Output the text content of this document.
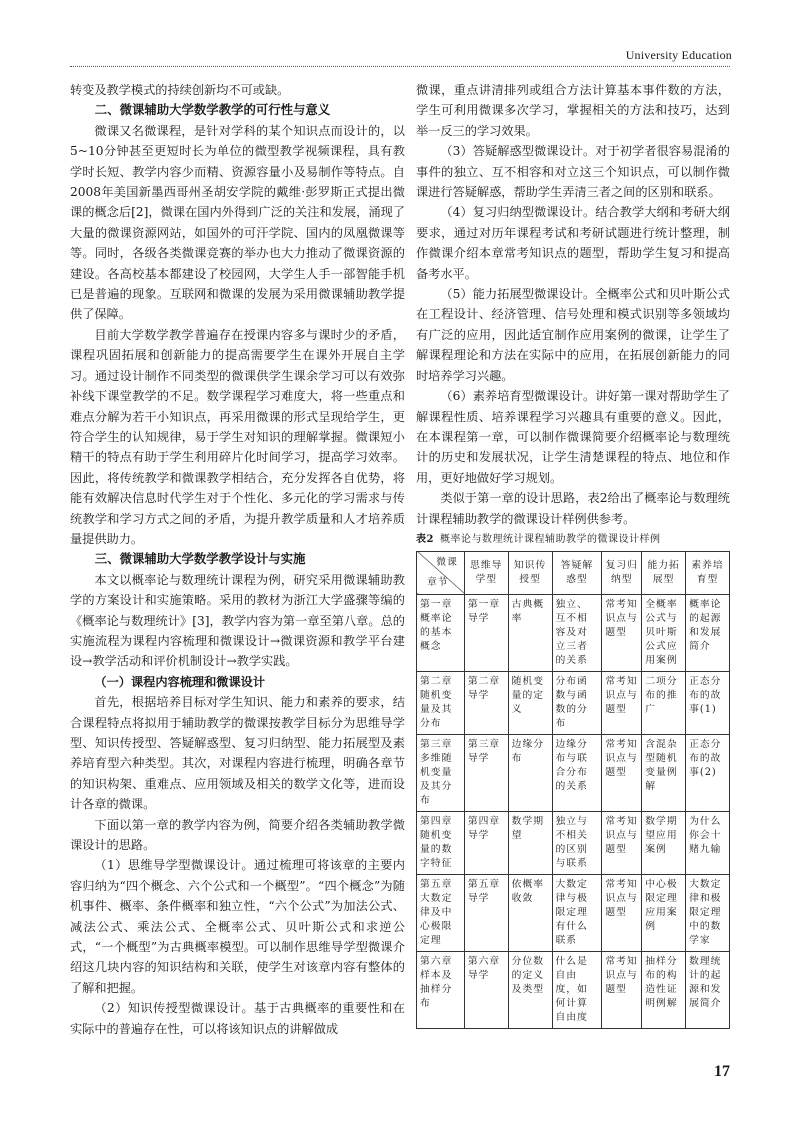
University Education

转变及教学模式的持续创新均不可或缺。

二、微课辅助大学数学教学的可行性与意义

微课又名微课程，是针对学科的某个知识点而设计的，以5~10分钟甚至更短时长为单位的微型教学视频课程，具有教学时长短、教学内容少而精、资源容量小及易制作等特点。自2008年美国新墨西哥州圣胡安学院的戴维·彭罗斯正式提出微课的概念后[2]，微课在国内外得到广泛的关注和发展，涌现了大量的微课资源网站，如国外的可汗学院、国内的凤凰微课等等。同时，各级各类微课竞赛的举办也大力推动了微课资源的建设。各高校基本都建设了校园网，大学生人手一部智能手机已是普遍的现象。互联网和微课的发展为采用微课辅助教学提供了保障。

目前大学数学教学普遍存在授课内容多与课时少的矛盾，课程巩固拓展和创新能力的提高需要学生在课外开展自主学习。通过设计制作不同类型的微课供学生课余学习可以有效弥补线下课堂教学的不足。数学课程学习难度大，将一些重点和难点分解为若干小知识点，再采用微课的形式呈现给学生，更符合学生的认知规律，易于学生对知识的理解掌握。微课短小精干的特点有助于学生利用碎片化时间学习，提高学习效率。因此，将传统教学和微课教学相结合，充分发挥各自优势，将能有效解决信息时代学生对于个性化、多元化的学习需求与传统教学和学习方式之间的矛盾，为提升教学质量和人才培养质量提供助力。

三、微课辅助大学数学教学设计与实施

本文以概率论与数理统计课程为例，研究采用微课辅助教学的方案设计和实施策略。采用的教材为浙江大学盛骤等编的《概率论与数理统计》[3]，教学内容为第一章至第八章。总的实施流程为课程内容梳理和微课设计→微课资源和教学平台建设→教学活动和评价机制设计→教学实践。

（一）课程内容梳理和微课设计

首先，根据培养目标对学生知识、能力和素养的要求，结合课程特点将拟用于辅助教学的微课按教学目标分为思维导学型、知识传授型、答疑解惑型、复习归纳型、能力拓展型及素养培育型六种类型。其次，对课程内容进行梳理，明确各章节的知识构架、重难点、应用领域及相关的数学文化等，进而设计各章的微课。

下面以第一章的教学内容为例，简要介绍各类辅助教学微课设计的思路。

（1）思维导学型微课设计。通过梳理可将该章的主要内容归纳为“四个概念、六个公式和一个概型”。“四个概念”为随机事件、概率、条件概率和独立性，“六个公式”为加法公式、减法公式、乘法公式、全概率公式、贝叶斯公式和求逆公式，“一个概型”为古典概率模型。可以制作思维导学型微课介绍这几块内容的知识结构和关联，使学生对该章内容有整体的了解和把握。

（2）知识传授型微课设计。基于古典概率的重要性和在实际中的普遍存在性，可以将该知识点的讲解做成

微课，重点讲清排列或组合方法计算基本事件数的方法，学生可利用微课多次学习，掌握相关的方法和技巧，达到举一反三的学习效果。

（3）答疑解惑型微课设计。对于初学者很容易混淆的事件的独立、互不相容和对立这三个知识点，可以制作微课进行答疑解惑，帮助学生弄清三者之间的区别和联系。

（4）复习归纳型微课设计。结合教学大纲和考研大纲要求，通过对历年课程考试和考研试题进行统计整理，制作微课介绍本章常考知识点的题型，帮助学生复习和提高备考水平。

（5）能力拓展型微课设计。全概率公式和贝叶斯公式在工程设计、经济管理、信号处理和模式识别等多领域均有广泛的应用，因此适宜制作应用案例的微课，让学生了解课程理论和方法在实际中的应用，在拓展创新能力的同时培养学习兴趣。

（6）素养培育型微课设计。讲好第一课对帮助学生了解课程性质、培养课程学习兴趣具有重要的意义。因此，在本课程第一章，可以制作微课简要介绍概率论与数理统计的历史和发展状况，让学生清楚课程的特点、地位和作用，更好地做好学习规划。

类似于第一章的设计思路，表2给出了概率论与数理统计课程辅助教学的微课设计样例供参考。

表2 概率论与数理统计课程辅助教学的微课设计样例

微课
章节	思维导学型	知识传授型	答疑解惑型	复习归纳型	能力拓展型	素养培育型
第一章概率论的基本概念	第一章导学	古典概率	独立、互不相容及对立三者的关系	常考知识点与题型	全概率公式与贝叶斯公式应用案例	概率论的起源和发展简介
第二章随机变量及其分布	第二章导学	随机变量的定义	分布函数与函数的分布	常考知识点与题型	二项分布的推广	正态分布的故事(1)
第三章多维随机变量及其分布	第三章导学	边缘分布	边缘分布与联合分布的关系	常考知识点与题型	含混杂型随机变量例解	正态分布的故事(2)
第四章随机变量的数字特征	第四章导学	数学期望	独立与不相关的区别与联系	常考知识点与题型	数学期望应用案例	为什么你会十赌九输
第五章大数定律及中心极限定理	第五章导学	依概率收敛	大数定律与极限定理有什么联系	常考知识点与题型	中心极限定理应用案例	大数定律和极限定理中的数学家
第六章样本及抽样分布	第六章导学	分位数的定义及类型	什么是自由度，如何计算自由度	常考知识点与题型	抽样分布的构造性证明例解	数理统计的起源和发展简介
17
